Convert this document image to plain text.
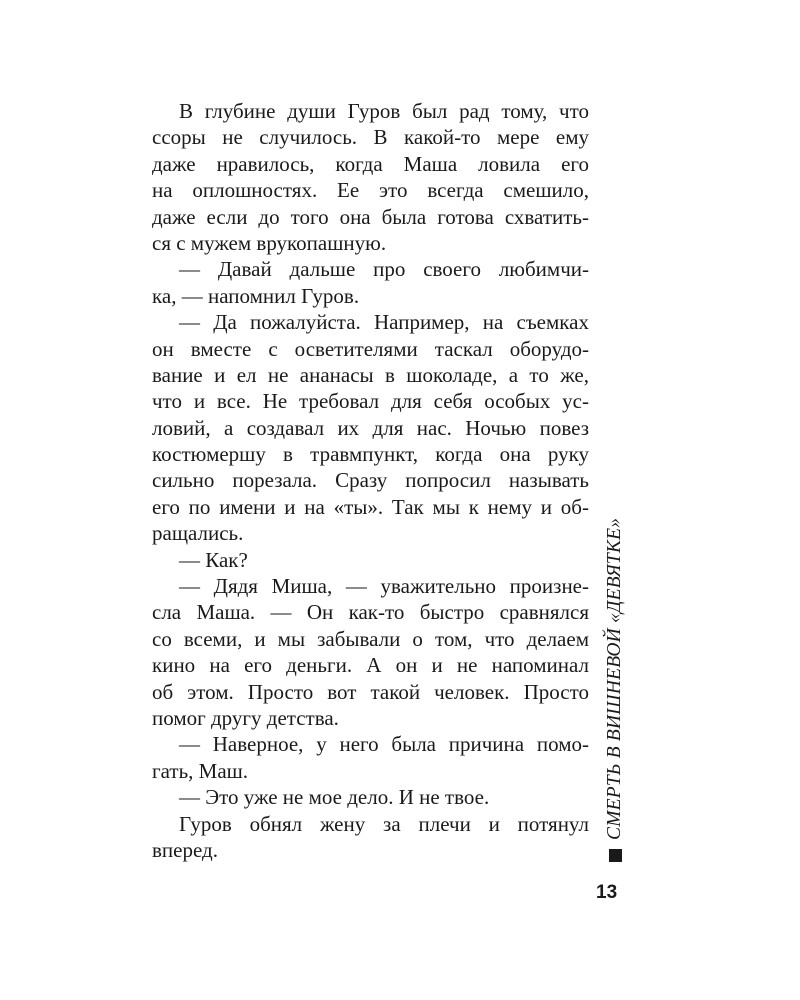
В глубине души Гуров был рад тому, что
ссоры не случилось. В какой-то мере ему
даже нравилось, когда Маша ловила его
на оплошностях. Ее это всегда смешило,
даже если до того она была готова схватить-
ся с мужем врукопашную.
— Давай дальше про своего любимчи-
ка, — напомнил Гуров.
— Да пожалуйста. Например, на съемках
он вместе с осветителями таскал оборудо-
вание и ел не ананасы в шоколаде, а то же,
что и все. Не требовал для себя особых ус-
ловий, а создавал их для нас. Ночью повез
костюмершу в травмпункт, когда она руку
сильно порезала. Сразу попросил называть
его по имени и на «ты». Так мы к нему и об-
ращались.
— Как?
— Дядя Миша, — уважительно произне-
сла Маша. — Он как-то быстро сравнялся
со всеми, и мы забывали о том, что делаем
кино на его деньги. А он и не напоминал
об этом. Просто вот такой человек. Просто
помог другу детства.
— Наверное, у него была причина помо-
гать, Маш.
— Это уже не мое дело. И не твое.
Гуров обнял жену за плечи и потянул
вперед.
СМЕРТЬ В ВИШНЕВОЙ «ДЕВЯТКЕ»
13
